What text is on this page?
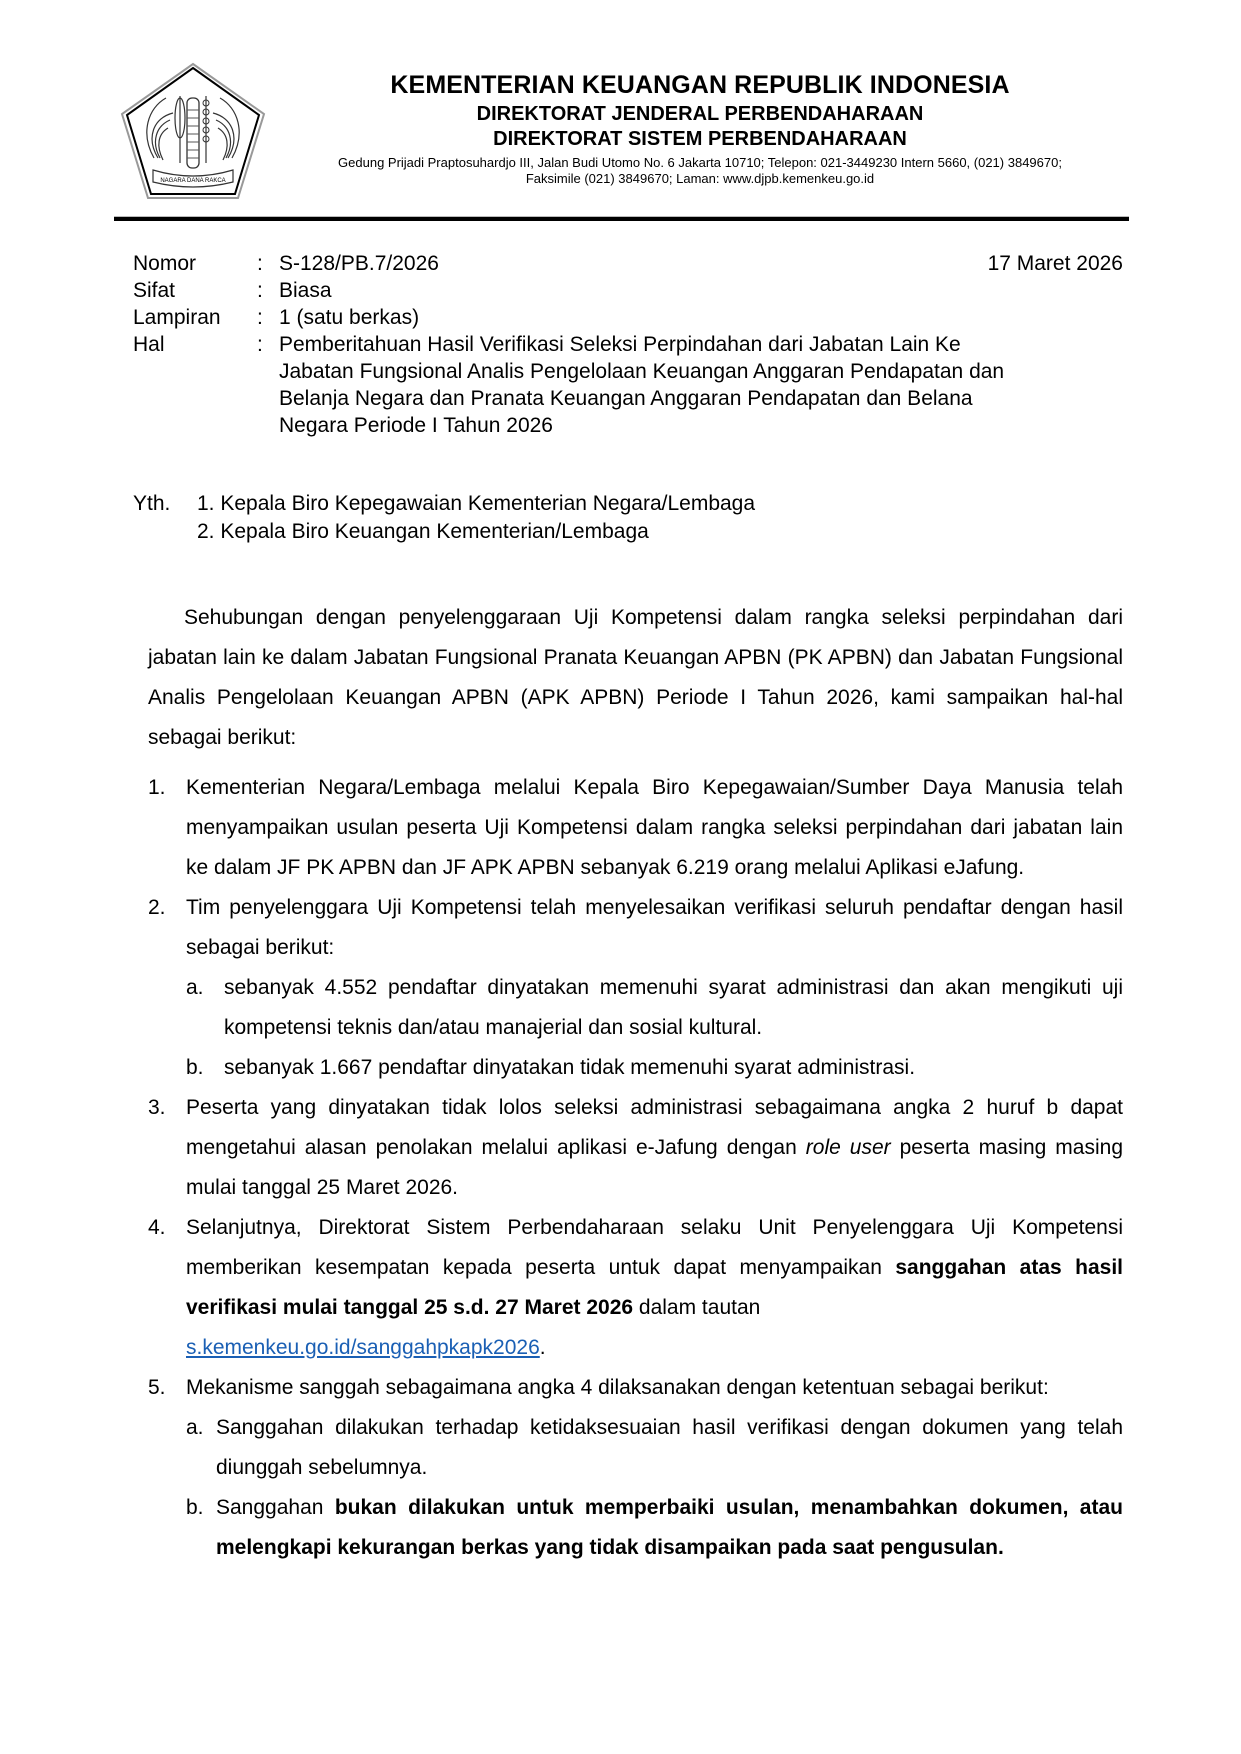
NAGARA DANA RAKCA
KEMENTERIAN KEUANGAN REPUBLIK INDONESIA
DIREKTORAT JENDERAL PERBENDAHARAAN
DIREKTORAT SISTEM PERBENDAHARAAN
Gedung Prijadi Praptosuhardjo III, Jalan Budi Utomo No. 6 Jakarta 10710; Telepon: 021-3449230 Intern 5660, (021) 3849670;
Faksimile (021) 3849670; Laman: www.djpb.kemenkeu.go.id
17 Maret 2026
Nomor	: S-128/PB.7/2026
Sifat	: Biasa
Lampiran	: 1 (satu berkas)
Hal	: Pemberitahuan Hasil Verifikasi Seleksi Perpindahan dari Jabatan Lain Ke
Jabatan Fungsional Analis Pengelolaan Keuangan Anggaran Pendapatan dan
Belanja Negara dan Pranata Keuangan Anggaran Pendapatan dan Belana
Negara Periode I Tahun 2026
Yth.	1. Kepala Biro Kepegawaian Kementerian Negara/Lembaga
2. Kepala Biro Keuangan Kementerian/Lembaga

Sehubungan dengan penyelenggaraan Uji Kompetensi dalam rangka seleksi perpindahan dari jabatan lain ke dalam Jabatan Fungsional Pranata Keuangan APBN (PK APBN) dan Jabatan Fungsional Analis Pengelolaan Keuangan APBN (APK APBN) Periode I Tahun 2026, kami sampaikan hal-hal sebagai berikut:

1. Kementerian Negara/Lembaga melalui Kepala Biro Kepegawaian/Sumber Daya Manusia telah menyampaikan usulan peserta Uji Kompetensi dalam rangka seleksi perpindahan dari jabatan lain ke dalam JF PK APBN dan JF APK APBN sebanyak 6.219 orang melalui Aplikasi eJafung.
2. Tim penyelenggara Uji Kompetensi telah menyelesaikan verifikasi seluruh pendaftar dengan hasil sebagai berikut:
a. sebanyak 4.552 pendaftar dinyatakan memenuhi syarat administrasi dan akan mengikuti uji kompetensi teknis dan/atau manajerial dan sosial kultural.
b. sebanyak 1.667 pendaftar dinyatakan tidak memenuhi syarat administrasi.
3. Peserta yang dinyatakan tidak lolos seleksi administrasi sebagaimana angka 2 huruf b dapat mengetahui alasan penolakan melalui aplikasi e-Jafung dengan role user peserta masing masing mulai tanggal 25 Maret 2026.
4. Selanjutnya, Direktorat Sistem Perbendaharaan selaku Unit Penyelenggara Uji Kompetensi memberikan kesempatan kepada peserta untuk dapat menyampaikan sanggahan atas hasil verifikasi mulai tanggal 25 s.d. 27 Maret 2026 dalam tautan
s.kemenkeu.go.id/sanggahpkapk2026.
5. Mekanisme sanggah sebagaimana angka 4 dilaksanakan dengan ketentuan sebagai berikut:
a. Sanggahan dilakukan terhadap ketidaksesuaian hasil verifikasi dengan dokumen yang telah diunggah sebelumnya.
b. Sanggahan bukan dilakukan untuk memperbaiki usulan, menambahkan dokumen, atau melengkapi kekurangan berkas yang tidak disampaikan pada saat pengusulan.
